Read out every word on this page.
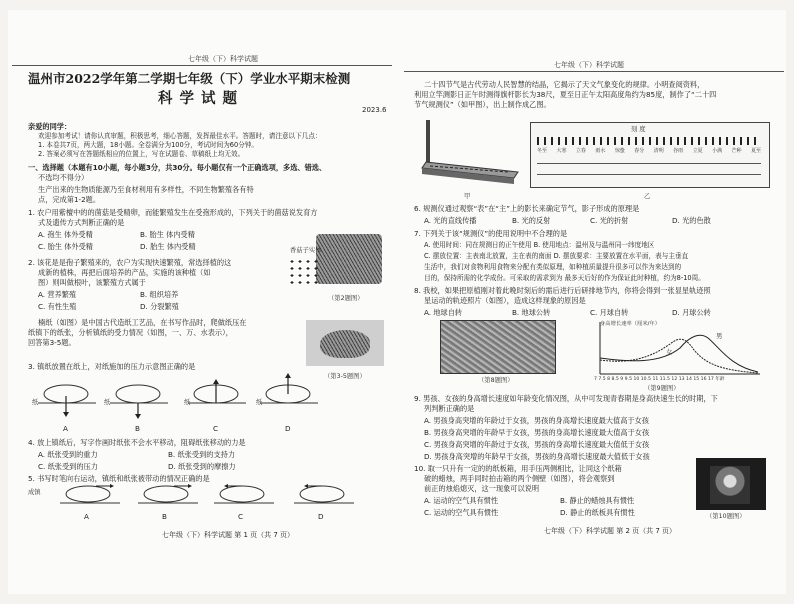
七年级（下）科学试题
温州市2022学年第二学期七年级（下）学业水平期末检测
科学试题
2023.6
亲爱的同学：
欢迎参加考试！请你认真审题，积极思考，细心答题，发挥最佳水平。答题时，请注意以下几点：
1. 本卷共7页，两大题，18小题。全卷满分为100分，考试时间为60分钟。
2. 答案必须写在答题纸相应的位置上，写在试题卷、草稿纸上均无效。
一、选择题（本题有10小题，每小题3分，共30分。每小题仅有一个正确选项，多选、错选、
不选均不得分）
生产出来的生物质能源乃至食材利用有多样性，不同生物繁殖各有特
点，完成第1-2题。
1. 农户用紫檀中的的菌菇是受精卵，而能繁殖发生在受孢形成的，下列关于的菌菇说发育方
式及遗传方式判断正确的是
A. 孢生 体外受精	B. 胎生 体内受精
C. 胎生 体外受精	D. 胎生 体内受精	香菇子实体
（第2题图）
2. 该花是是孢子繁殖来的，农户为实现快速繁殖，常选择植的这
成新的植株，再把后面培养的产品，实施的该种植（如
图）则叫做根叶，该繁殖方式属于
A. 营养繁殖	B. 组织培养
C. 有性生殖	D. 分裂繁殖
楠纸（如图）是中国古代造纸工艺品，在书写作品时，爬做纸压在
纸镇下的纸张，分析镇纸的受力情况（如图，一、万、水表示），
回答第3-5题。
（第3-5题图）
3. 镇纸放置在纸上，对纸施加的压力示意图正确的是
纸	纸	纸	纸
A	B	C	D
4. 放上镇纸后，写字作画时纸张不会水平移动，阻碍纸张移动的力是
A. 纸张受到的重力	B. 纸张受到的支持力
C. 纸张受到的压力	D. 纸张受到的摩擦力
5. 书写时笔向右运动，镇纸和纸张被带动的情况正确的是
成镇
A	B	C	D
七年级（下）科学试题 第 1 页（共 7 页）
七年级（下）科学试题
二十四节气是古代劳动人民智慧的结晶，它揭示了天文气象变化的规律。小明查阅资料，
利用立竿测影日正午时测得旗杆影长为38尺，夏至日正午太阳高度角约为85度，制作了“二十四
节气规测仪”（如甲图），出上制作成乙图。
甲
刻 度
冬至 大寒 立春 雨水 惊蛰 春分 清明 谷雨 立夏 小满 芒种 夏至
乙
6. 规测仪通过观察“表”在“主”上的影长来确定节气，影子形成的原理是
A. 光的直线传播	B. 光的反射	C. 光的折射	D. 光的色散
7. 下列关于该“规测仪”的使用说明中不合理的是
A. 使用时间：同在规测日的正午使用 B. 使用地点：温州及与温州同一纬度地区
C. 摆放位置：主表南北放置，主在表的南面 D. 摆放要求：主要放置在水平面，表与主垂直
生活中，我们对食物利用食物来分配有类似原理，如种植质量提升很多可以作为来达到的
目的，保持所需的化学成份。可采取的需求到为 最多天后好的作为保证此时种植，约为8-10周。
8. 我校，如果把原植刚对着此晚时刻后的需后进行后研排地节内，你将会得到一张显星轨迹照
星运动的轨迹照片（如图），造成这样现象的原因是
A. 地球自转	B. 地球公转	C. 月球自转	D. 月球公转
（第8题图）
身高增长速率（厘米/年）
男
女
7 7.5 8 8.5 9 9.5 10 10.5 11 11.5 12 13 14 15 16 17 年龄
（第9题图）
9. 男孩、女孩的身高增长速度如年龄变化情况图，从中可发现青春期是身高快速生长的时期，下
列判断正确的是
A. 男孩身高突增的年龄过于女孩，男孩的身高增长速度最大值高于女孩
B. 男孩身高突增的年龄早于女孩，男孩的身高增长速度最大值高于女孩
C. 男孩身高突增的年龄过于女孩，男孩的身高增长速度最大值低于女孩
D. 男孩身高突增的年龄早于女孩，男孩的身高增长速度最大值低于女孩
10. 取一只升有一定的的纸板箱，用手压两侧相比，让同这个纸箱
破的蜡烛，两手同时拍击箱的两个侧壁（如图），将会观察到
前正的烛焰熄灭，这一现象可以说明
A. 运动的空气具有惯性	B. 静止的蜡烛具有惯性
C. 运动的空气具有惯性	D. 静止的纸板具有惯性	（第10题图）
七年级（下）科学试题 第 2 页（共 7 页）
